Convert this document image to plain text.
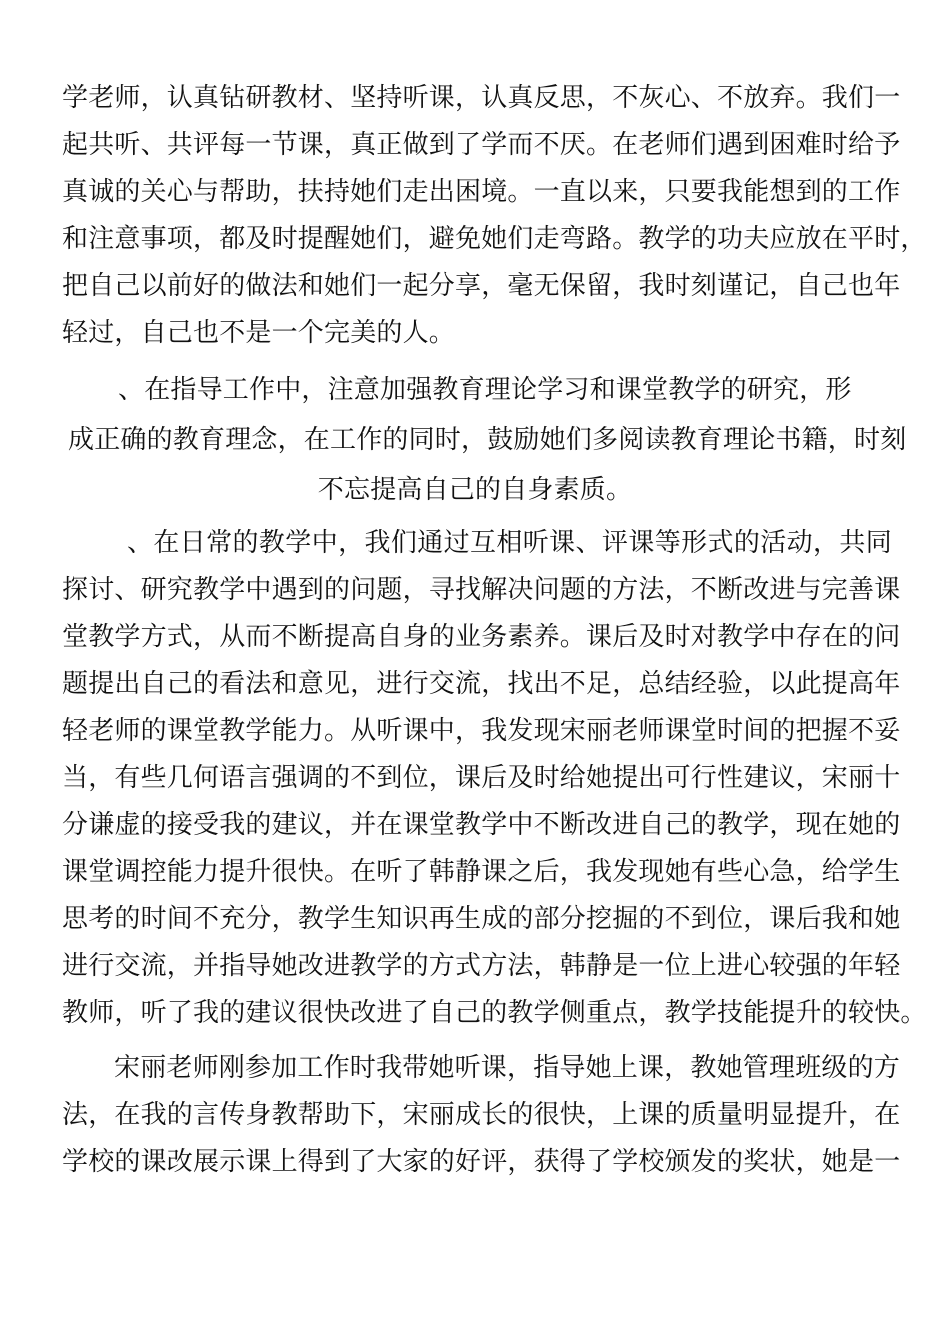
学老师，认真钻研教材、坚持听课，认真反思，不灰心、不放弃。我们一
起共听、共评每一节课，真正做到了学而不厌。在老师们遇到困难时给予
真诚的关心与帮助，扶持她们走出困境。一直以来，只要我能想到的工作
和注意事项，都及时提醒她们，避免她们走弯路。教学的功夫应放在平时，
把自己以前好的做法和她们一起分享，毫无保留，我时刻谨记，自己也年
轻过，自己也不是一个完美的人。
、在指导工作中，注意加强教育理论学习和课堂教学的研究，形
成正确的教育理念，在工作的同时，鼓励她们多阅读教育理论书籍，时刻
不忘提高自己的自身素质。
、在日常的教学中，我们通过互相听课、评课等形式的活动，共同
探讨、研究教学中遇到的问题，寻找解决问题的方法，不断改进与完善课
堂教学方式，从而不断提高自身的业务素养。课后及时对教学中存在的问
题提出自己的看法和意见，进行交流，找出不足，总结经验，以此提高年
轻老师的课堂教学能力。从听课中，我发现宋丽老师课堂时间的把握不妥
当，有些几何语言强调的不到位，课后及时给她提出可行性建议，宋丽十
分谦虚的接受我的建议，并在课堂教学中不断改进自己的教学，现在她的
课堂调控能力提升很快。在听了韩静课之后，我发现她有些心急，给学生
思考的时间不充分，教学生知识再生成的部分挖掘的不到位，课后我和她
进行交流，并指导她改进教学的方式方法，韩静是一位上进心较强的年轻
教师，听了我的建议很快改进了自己的教学侧重点，教学技能提升的较快。
宋丽老师刚参加工作时我带她听课，指导她上课，教她管理班级的方
法，在我的言传身教帮助下，宋丽成长的很快，上课的质量明显提升，在
学校的课改展示课上得到了大家的好评，获得了学校颁发的奖状，她是一
